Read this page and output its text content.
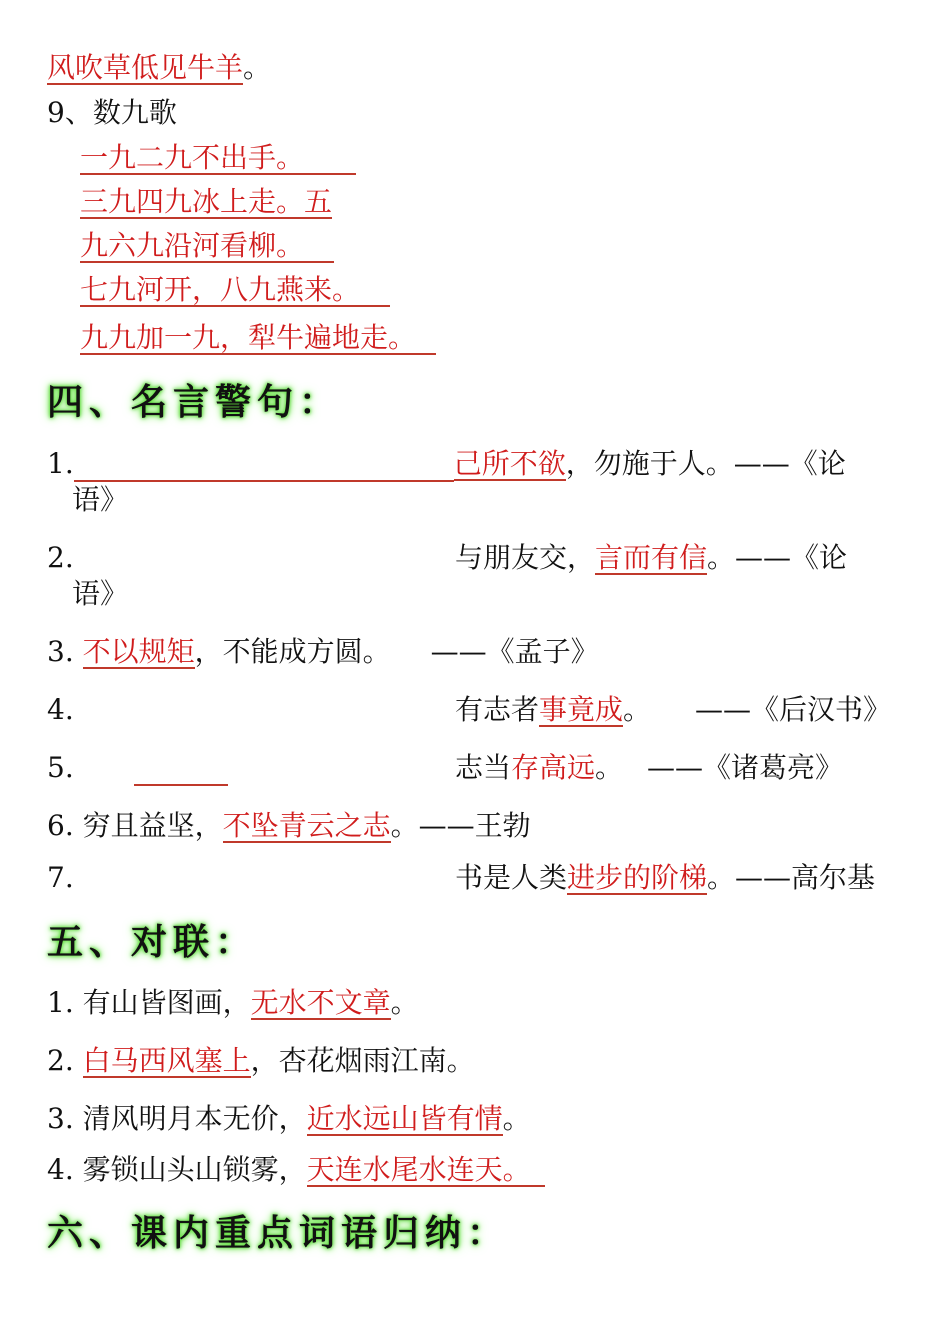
风吹草低见牛羊。
9、数九歌
一九二九不出手。
三九四九冰上走。五
九六九沿河看柳。
七九河开，八九燕来。
九九加一九，犁牛遍地走。
四、名言警句：
1.	己所不欲，勿施于人。——《论
语》
2.	与朋友交，言而有信。——《论
语》
3. 不以规矩，不能成方圆。 ——《孟子》
4.	有志者事竟成。 ——《后汉书》
5.	志当存高远。 ——《诸葛亮》
6. 穷且益坚，不坠青云之志。——王勃
7.	书是人类进步的阶梯。——高尔基
五、对联：
1. 有山皆图画，无水不文章。
2. 白马西风塞上，杏花烟雨江南。
3. 清风明月本无价，近水远山皆有情。
4. 雾锁山头山锁雾，天连水尾水连天。
六、课内重点词语归纳：
